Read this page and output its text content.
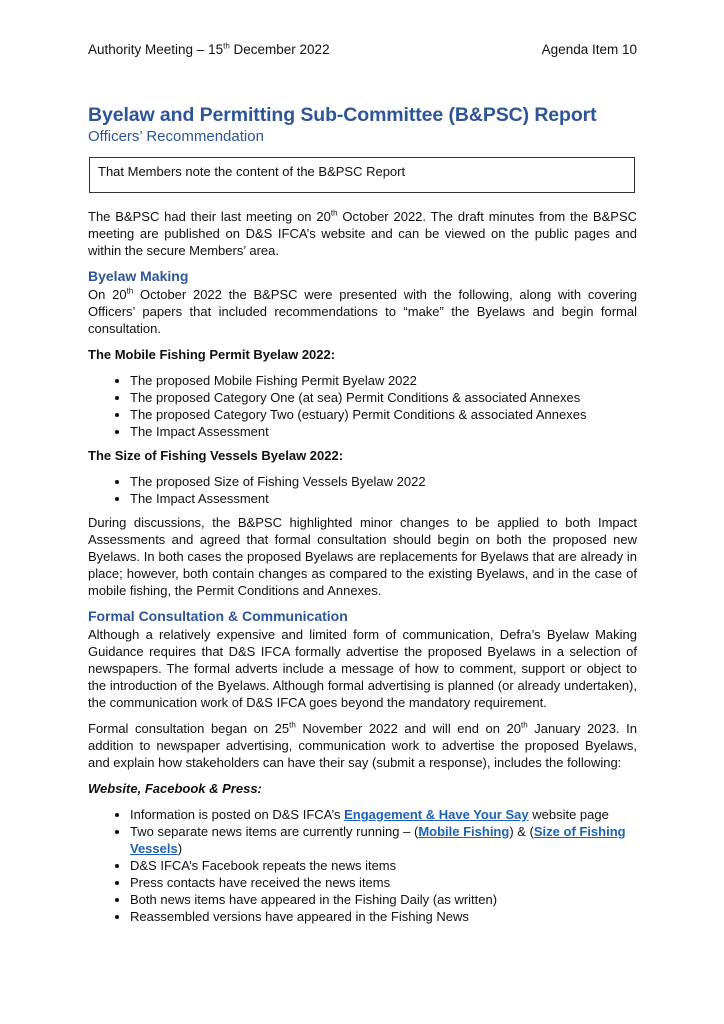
Authority Meeting – 15th December 2022	Agenda Item 10
Byelaw and Permitting Sub-Committee (B&PSC) Report
Officers’ Recommendation
That Members note the content of the B&PSC Report

The B&PSC had their last meeting on 20th October 2022. The draft minutes from the B&PSC meeting are published on D&S IFCA’s website and can be viewed on the public pages and within the secure Members’ area.

Byelaw Making

On 20th October 2022 the B&PSC were presented with the following, along with covering Officers’ papers that included recommendations to “make” the Byelaws and begin formal consultation.

The Mobile Fishing Permit Byelaw 2022:
• The proposed Mobile Fishing Permit Byelaw 2022
• The proposed Category One (at sea) Permit Conditions & associated Annexes
• The proposed Category Two (estuary) Permit Conditions & associated Annexes
• The Impact Assessment
The Size of Fishing Vessels Byelaw 2022:
• The proposed Size of Fishing Vessels Byelaw 2022
• The Impact Assessment

During discussions, the B&PSC highlighted minor changes to be applied to both Impact Assessments and agreed that formal consultation should begin on both the proposed new Byelaws. In both cases the proposed Byelaws are replacements for Byelaws that are already in place; however, both contain changes as compared to the existing Byelaws, and in the case of mobile fishing, the Permit Conditions and Annexes.

Formal Consultation & Communication

Although a relatively expensive and limited form of communication, Defra’s Byelaw Making Guidance requires that D&S IFCA formally advertise the proposed Byelaws in a selection of newspapers. The formal adverts include a message of how to comment, support or object to the introduction of the Byelaws. Although formal advertising is planned (or already undertaken), the communication work of D&S IFCA goes beyond the mandatory requirement.

Formal consultation began on 25th November 2022 and will end on 20th January 2023. In addition to newspaper advertising, communication work to advertise the proposed Byelaws, and explain how stakeholders can have their say (submit a response), includes the following:

Website, Facebook & Press:
• Information is posted on D&S IFCA’s Engagement & Have Your Say website page
• Two separate news items are currently running – (Mobile Fishing) & (Size of Fishing Vessels)
• D&S IFCA’s Facebook repeats the news items
• Press contacts have received the news items
• Both news items have appeared in the Fishing Daily (as written)
• Reassembled versions have appeared in the Fishing News
